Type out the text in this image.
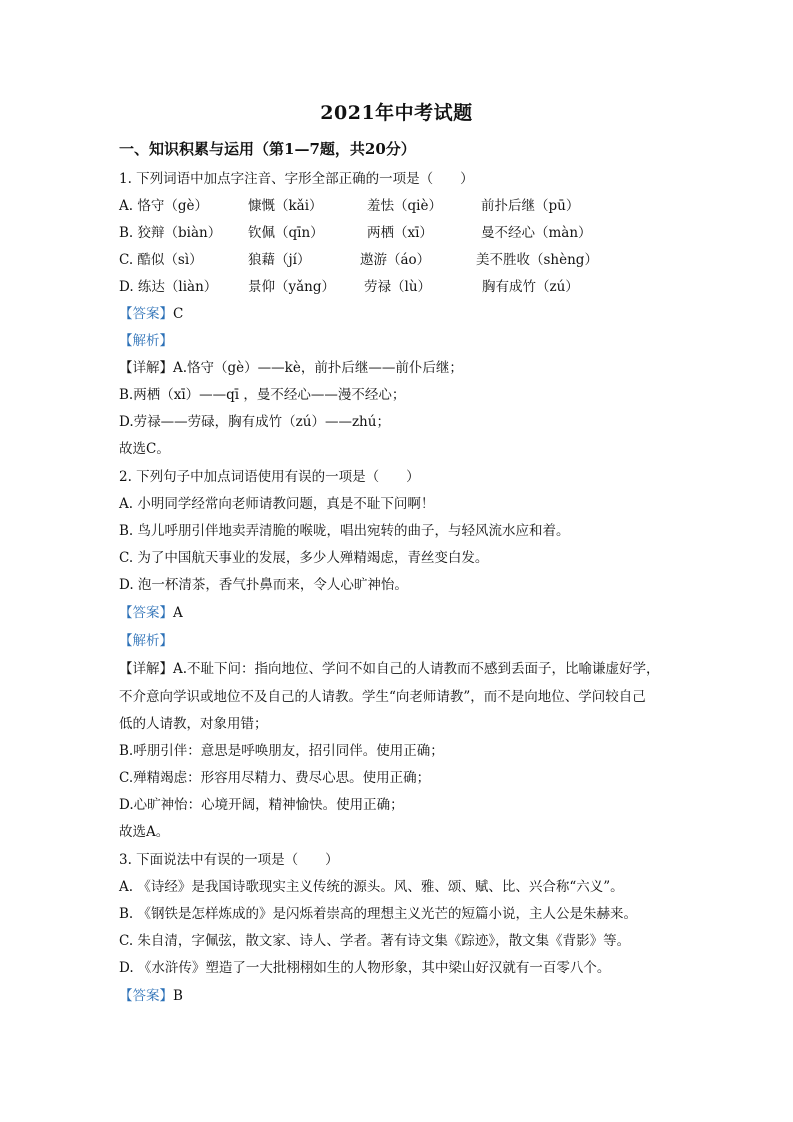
2021年中考试题
一、知识积累与运用（第1—7题，共20分）
1. 下列词语中加点字注音、字形全部正确的一项是（　　）
A. 恪守（gè）	慷慨（kǎi）	羞怯（qiè）	前扑后继（pū）
B. 狡辩（biàn） 钦佩（qīn）	两栖（xī）	曼不经心（màn）
C. 酷似（sì）	狼藉（jí）	遨游（áo）	美不胜收（shèng）
D. 练达（liàn） 景仰（yǎng） 劳禄（lù）	胸有成竹（zú）
【答案】C
【解析】
【详解】A.恪守（gè）——kè，前扑后继——前仆后继；
B.两栖（xī）——qī ，曼不经心——漫不经心；
D.劳禄——劳碌，胸有成竹（zú）——zhú；
故选C。
2. 下列句子中加点词语使用有误的一项是（　　）
A. 小明同学经常向老师请教问题，真是不耻下问啊！
B. 鸟儿呼朋引伴地卖弄清脆的喉咙，唱出宛转的曲子，与轻风流水应和着。
C. 为了中国航天事业的发展，多少人殚精竭虑，青丝变白发。
D. 泡一杯清茶，香气扑鼻而来，令人心旷神怡。
【答案】A
【解析】
【详解】A.不耻下问：指向地位、学问不如自己的人请教而不感到丢面子，比喻谦虚好学，
不介意向学识或地位不及自己的人请教。学生“向老师请教”，而不是向地位、学问较自己
低的人请教，对象用错；
B.呼朋引伴：意思是呼唤朋友，招引同伴。使用正确；
C.殚精竭虑：形容用尽精力、费尽心思。使用正确；
D.心旷神怡：心境开阔，精神愉快。使用正确；
故选A。
3. 下面说法中有误的一项是（　　）
A. 《诗经》是我国诗歌现实主义传统的源头。风、雅、颂、赋、比、兴合称“六义”。
B. 《钢铁是怎样炼成的》是闪烁着崇高的理想主义光芒的短篇小说，主人公是朱赫来。
C. 朱自清，字佩弦，散文家、诗人、学者。著有诗文集《踪迹》，散文集《背影》等。
D. 《水浒传》塑造了一大批栩栩如生的人物形象，其中梁山好汉就有一百零八个。
【答案】B
